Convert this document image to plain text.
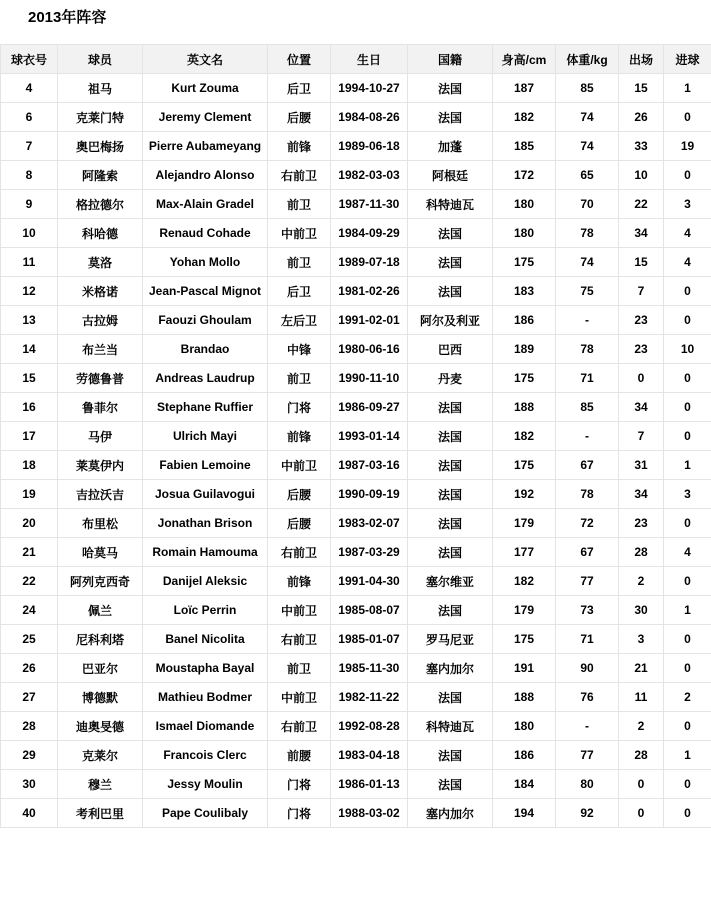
2013年阵容
球衣号	球员	英文名	位置	生日	国籍	身高/cm	体重/kg	出场	进球
4	祖马	Kurt Zouma	后卫	1994-10-27	法国	187	85	15	1
6	克莱门特	Jeremy Clement	后腰	1984-08-26	法国	182	74	26	0
7	奥巴梅扬	Pierre Aubameyang	前锋	1989-06-18	加蓬	185	74	33	19
8	阿隆索	Alejandro Alonso	右前卫	1982-03-03	阿根廷	172	65	10	0
9	格拉德尔	Max-Alain Gradel	前卫	1987-11-30	科特迪瓦	180	70	22	3
10	科哈德	Renaud Cohade	中前卫	1984-09-29	法国	180	78	34	4
11	莫洛	Yohan Mollo	前卫	1989-07-18	法国	175	74	15	4
12	米格诺	Jean-Pascal Mignot	后卫	1981-02-26	法国	183	75	7	0
13	古拉姆	Faouzi Ghoulam	左后卫	1991-02-01	阿尔及利亚	186	-	23	0
14	布兰当	Brandao	中锋	1980-06-16	巴西	189	78	23	10
15	劳德鲁普	Andreas Laudrup	前卫	1990-11-10	丹麦	175	71	0	0
16	鲁菲尔	Stephane Ruffier	门将	1986-09-27	法国	188	85	34	0
17	马伊	Ulrich Mayi	前锋	1993-01-14	法国	182	-	7	0
18	莱莫伊内	Fabien Lemoine	中前卫	1987-03-16	法国	175	67	31	1
19	吉拉沃吉	Josua Guilavogui	后腰	1990-09-19	法国	192	78	34	3
20	布里松	Jonathan Brison	后腰	1983-02-07	法国	179	72	23	0
21	哈莫马	Romain Hamouma	右前卫	1987-03-29	法国	177	67	28	4
22	阿列克西奇	Danijel Aleksic	前锋	1991-04-30	塞尔维亚	182	77	2	0
24	佩兰	Loïc Perrin	中前卫	1985-08-07	法国	179	73	30	1
25	尼科利塔	Banel Nicolita	右前卫	1985-01-07	罗马尼亚	175	71	3	0
26	巴亚尔	Moustapha Bayal	前卫	1985-11-30	塞内加尔	191	90	21	0
27	博德默	Mathieu Bodmer	中前卫	1982-11-22	法国	188	76	11	2
28	迪奥旻德	Ismael Diomande	右前卫	1992-08-28	科特迪瓦	180	-	2	0
29	克莱尔	Francois Clerc	前腰	1983-04-18	法国	186	77	28	1
30	穆兰	Jessy Moulin	门将	1986-01-13	法国	184	80	0	0
40	考利巴里	Pape Coulibaly	门将	1988-03-02	塞内加尔	194	92	0	0
